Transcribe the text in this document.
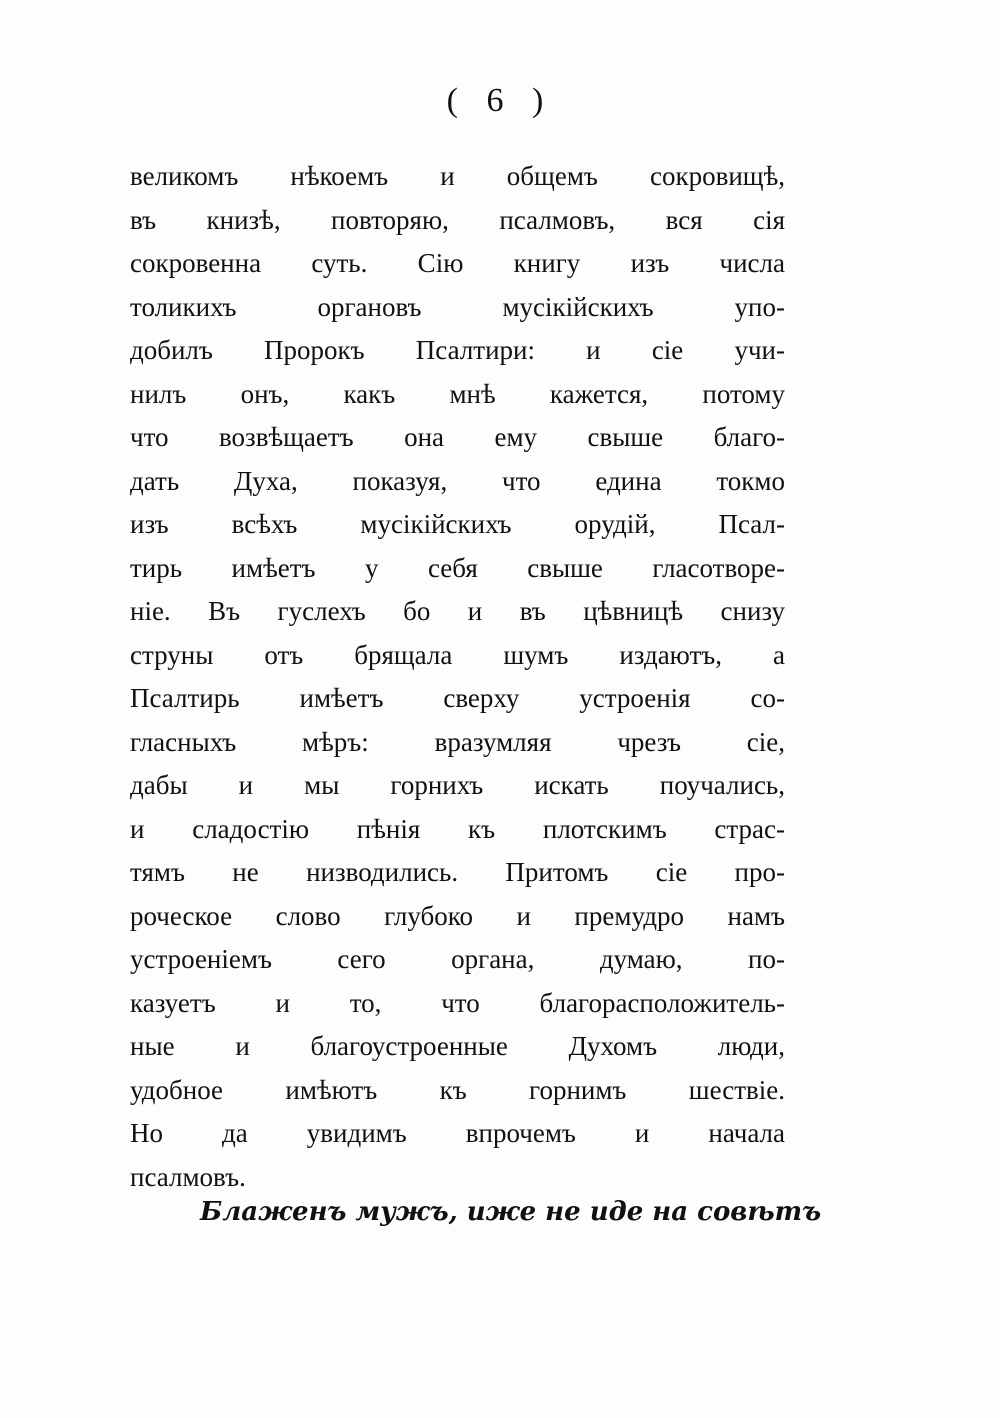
( 6 )
великомъ нѣкоемъ и общемъ сокровищѣ,
въ книзѣ, повторяю, псалмовъ, вся сія
сокровенна суть. Сію книгу изъ числа
толикихъ органовъ мусікійскихъ упо-
добилъ Пророкъ Псалтири: и сіе учи-
нилъ онъ, какъ мнѣ кажется, потому
что возвѣщаетъ она ему свыше благо-
дать Духа, показуя, что едина токмо
изъ всѣхъ мусікійскихъ орудій, Псал-
тирь имѣетъ у себя свыше гласотворе-
ніе. Въ гуслехъ бо и въ цѣвницѣ снизу
струны отъ брящала шумъ издаютъ, а
Псалтирь имѣетъ сверху устроенія со-
гласныхъ мѣръ: вразумляя чрезъ сіе,
дабы и мы горнихъ искать поучались,
и сладостію пѣнія къ плотскимъ страс-
тямъ не низводились. Притомъ сіе про-
роческое слово глубоко и премудро намъ
устроеніемъ сего органа, думаю, по-
казуетъ и то, что благорасположитель-
ные и благоустроенные Духомъ люди,
удобное имѣютъ къ горнимъ шествіе.
Но да увидимъ впрочемъ и начала
псалмовъ.
Блаженъ мужъ, иже не иде на совѣтъ
